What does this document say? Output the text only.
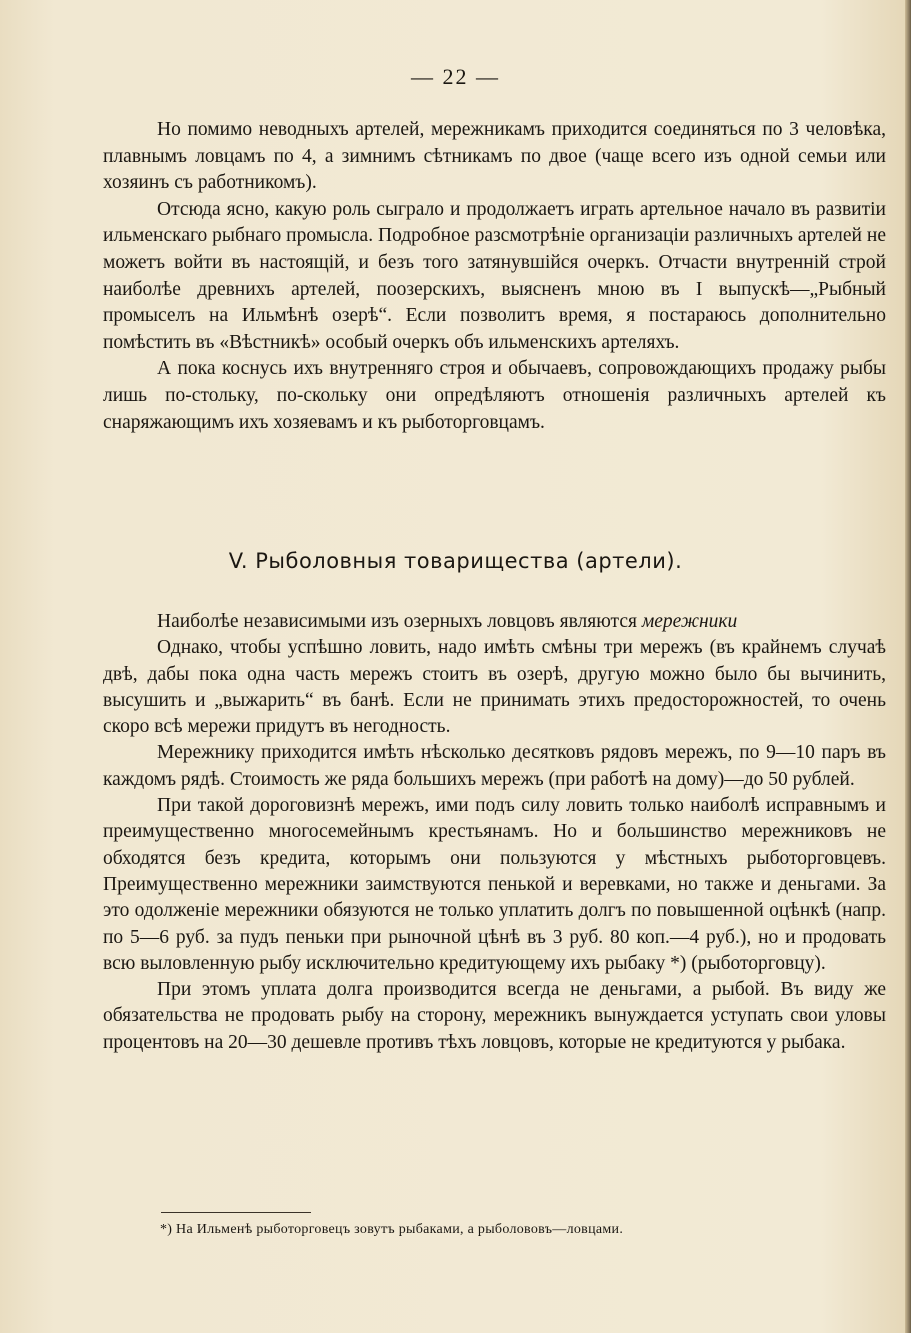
— 22 —

Но помимо неводныхъ артелей, мережникамъ приходится соединяться по 3 человѣка, плавнымъ ловцамъ по 4, а зимнимъ сѣтникамъ по двое (чаще всего изъ одной семьи или хозяинъ съ работникомъ).

Отсюда ясно, какую роль сыграло и продолжаетъ играть артельное начало въ развитiи ильменскаго рыбнаго промысла. Подробное разсмотрѣнiе организацiи различныхъ артелей не можетъ войти въ настоящiй, и безъ того затянувшiйся очеркъ. Отчасти внутреннiй строй наиболѣе древнихъ артелей, поозерскихъ, выясненъ мною въ I выпускѣ—„Рыбный промыселъ на Ильмѣнѣ озерѣ“. Если позволитъ время, я постараюсь дополнительно помѣстить въ «Вѣстникѣ» особый очеркъ объ ильменскихъ артеляхъ.

А пока коснусь ихъ внутренняго строя и обычаевъ, сопровождающихъ продажу рыбы лишь по-стольку, по-скольку они опредѣляютъ отношенiя различныхъ артелей къ снаряжающимъ ихъ хозяевамъ и къ рыботорговцамъ.

V. Рыболовныя товарищества (артели).

Наиболѣе независимыми изъ озерныхъ ловцовъ являются мережники

Однако, чтобы успѣшно ловить, надо имѣть смѣны три мережъ (въ крайнемъ случаѣ двѣ, дабы пока одна часть мережъ стоитъ въ озерѣ, другую можно было бы вычинить, высушить и „выжарить“ въ банѣ. Если не принимать этихъ предосторожностей, то очень скоро всѣ мережи придутъ въ негодность.

Мережнику приходится имѣть нѣсколько десятковъ рядовъ мережъ, по 9—10 паръ въ каждомъ рядѣ. Стоимость же ряда большихъ мережъ (при работѣ на дому)—до 50 рублей.

При такой дороговизнѣ мережъ, ими подъ силу ловить только наиболѣ исправнымъ и преимущественно многосемейнымъ крестьянамъ. Но и большинство мережниковъ не обходятся безъ кредита, которымъ они пользуются у мѣстныхъ рыботорговцевъ. Преимущественно мережники заимствуются пенькой и веревками, но также и деньгами. За это одолженiе мережники обязуются не только уплатить долгъ по повышенной оцѣнкѣ (напр. по 5—6 руб. за пудъ пеньки при рыночной цѣнѣ въ 3 руб. 80 коп.—4 руб.), но и продовать всю выловленную рыбу исключительно кредитующему ихъ рыбаку *) (рыботорговцу).

При этомъ уплата долга производится всегда не деньгами, а рыбой. Въ виду же обязательства не продовать рыбу на сторону, мережникъ вынуждается уступать свои уловы процентовъ на 20—30 дешевле противъ тѣхъ ловцовъ, которые не кредитуются у рыбака.

*) На Ильменѣ рыботорговецъ зовутъ рыбаками, а рыболововъ—ловцами.
